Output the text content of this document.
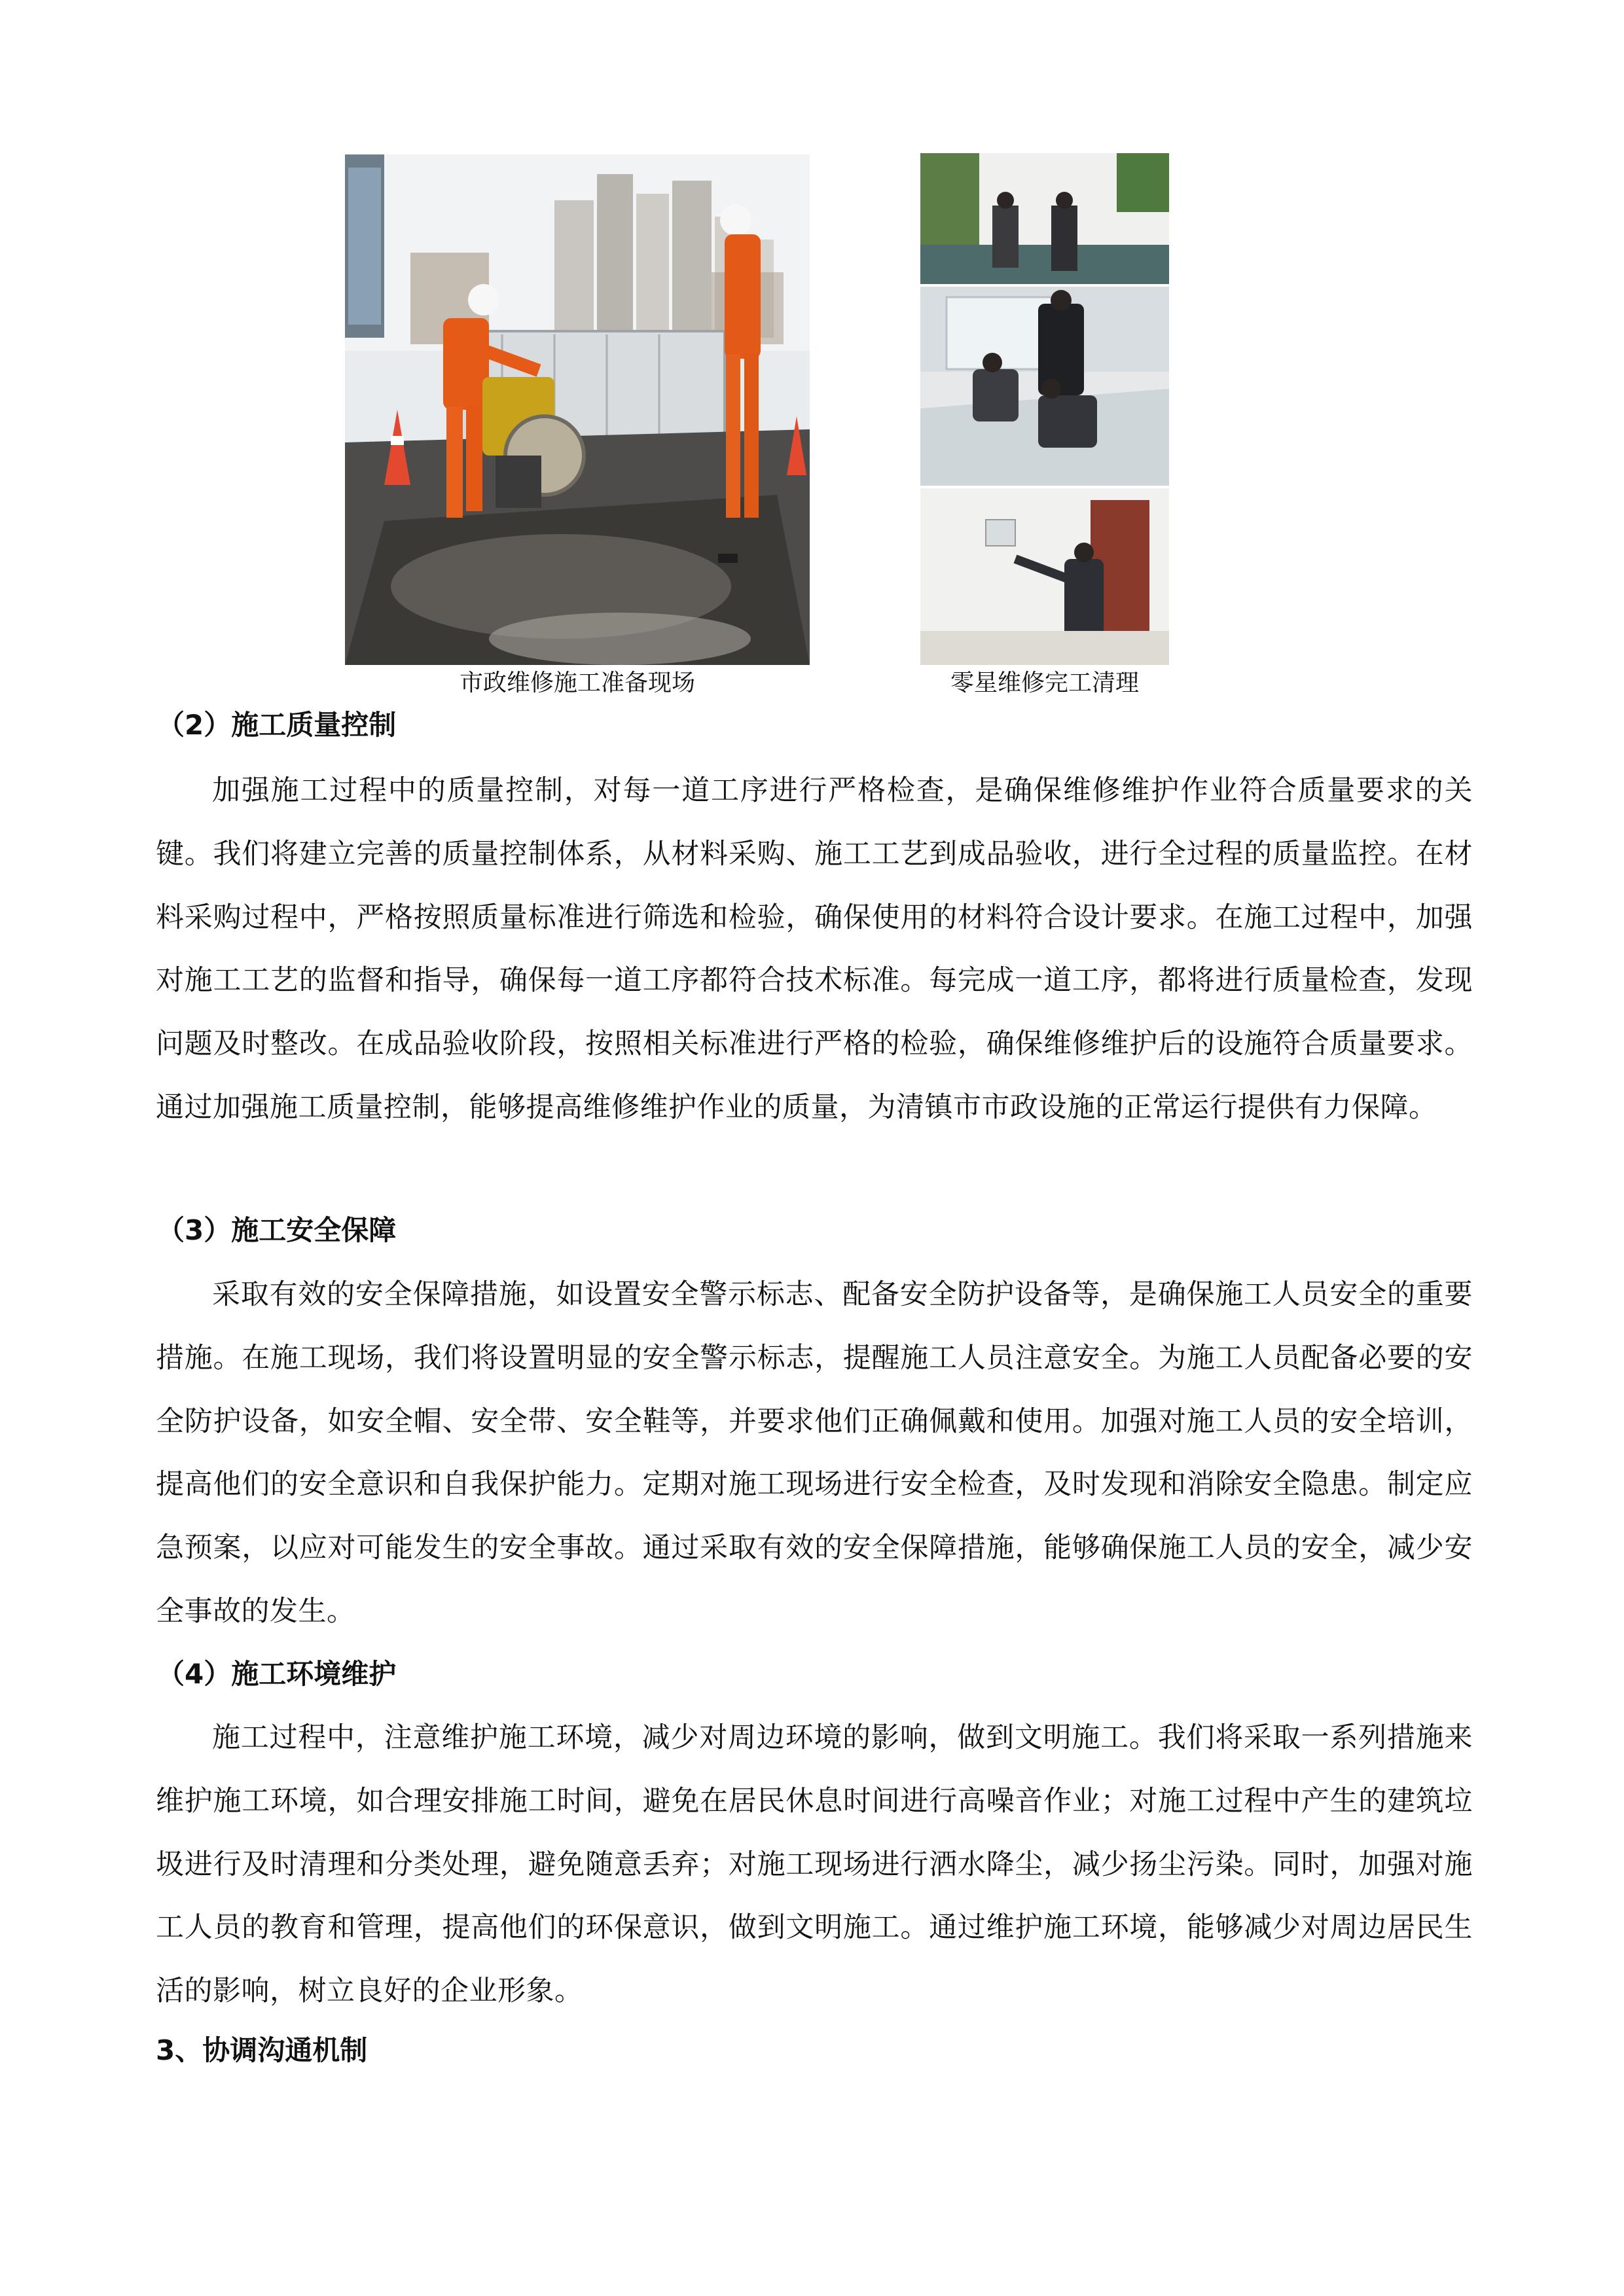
市政维修施工准备现场	零星维修完工清理
（2）施工质量控制
加强施工过程中的质量控制，对每一道工序进行严格检查，是确保维修维护作业符合质量要求的关键。我们将建立完善的质量控制体系，从材料采购、施工工艺到成品验收，进行全过程的质量监控。在材料采购过程中，严格按照质量标准进行筛选和检验，确保使用的材料符合设计要求。在施工过程中，加强对施工工艺的监督和指导，确保每一道工序都符合技术标准。每完成一道工序，都将进行质量检查，发现问题及时整改。在成品验收阶段，按照相关标准进行严格的检验，确保维修维护后的设施符合质量要求。通过加强施工质量控制，能够提高维修维护作业的质量，为清镇市市政设施的正常运行提供有力保障。
（3）施工安全保障
采取有效的安全保障措施，如设置安全警示标志、配备安全防护设备等，是确保施工人员安全的重要措施。在施工现场，我们将设置明显的安全警示标志，提醒施工人员注意安全。为施工人员配备必要的安全防护设备，如安全帽、安全带、安全鞋等，并要求他们正确佩戴和使用。加强对施工人员的安全培训，提高他们的安全意识和自我保护能力。定期对施工现场进行安全检查，及时发现和消除安全隐患。制定应急预案，以应对可能发生的安全事故。通过采取有效的安全保障措施，能够确保施工人员的安全，减少安全事故的发生。
（4）施工环境维护
施工过程中，注意维护施工环境，减少对周边环境的影响，做到文明施工。我们将采取一系列措施来维护施工环境，如合理安排施工时间，避免在居民休息时间进行高噪音作业；对施工过程中产生的建筑垃圾进行及时清理和分类处理，避免随意丢弃；对施工现场进行洒水降尘，减少扬尘污染。同时，加强对施工人员的教育和管理，提高他们的环保意识，做到文明施工。通过维护施工环境，能够减少对周边居民生活的影响，树立良好的企业形象。
3、协调沟通机制
